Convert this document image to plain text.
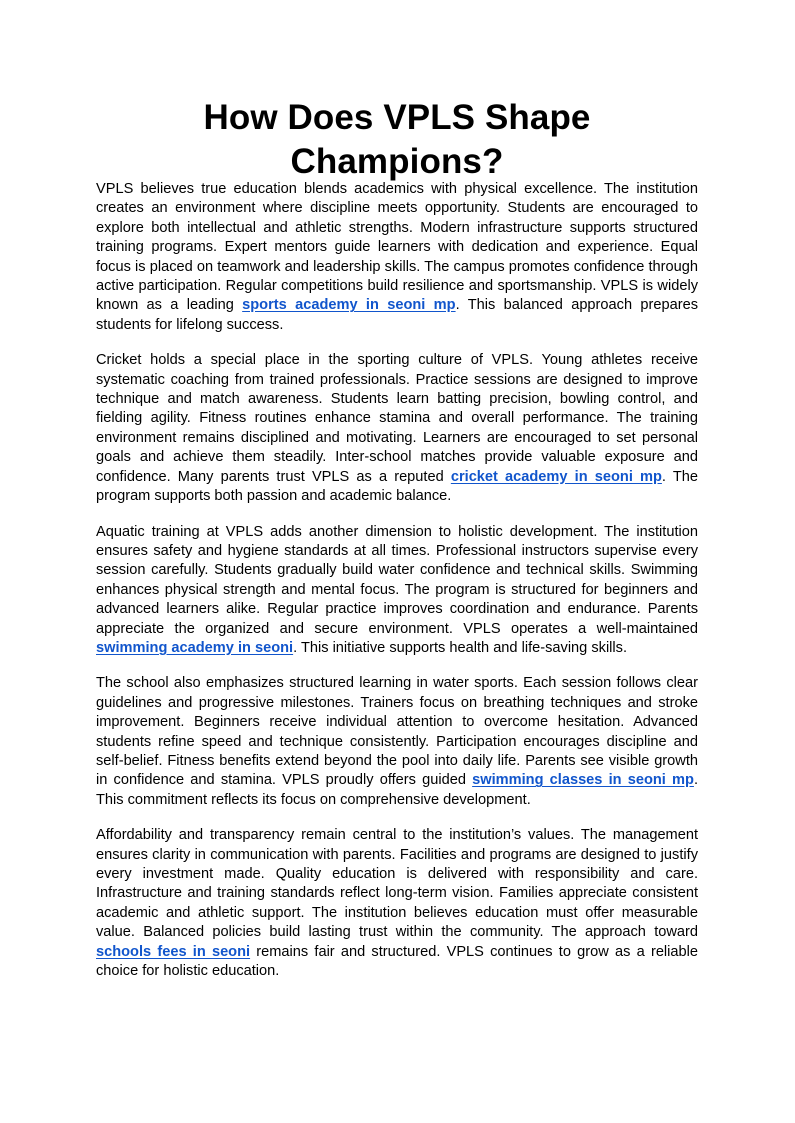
How Does VPLS Shape Champions?

VPLS believes true education blends academics with physical excellence. The institution creates an environment where discipline meets opportunity. Students are encouraged to explore both intellectual and athletic strengths. Modern infrastructure supports structured training programs. Expert mentors guide learners with dedication and experience. Equal focus is placed on teamwork and leadership skills. The campus promotes confidence through active participation. Regular competitions build resilience and sportsmanship. VPLS is widely known as a leading sports academy in seoni mp. This balanced approach prepares students for lifelong success.

Cricket holds a special place in the sporting culture of VPLS. Young athletes receive systematic coaching from trained professionals. Practice sessions are designed to improve technique and match awareness. Students learn batting precision, bowling control, and fielding agility. Fitness routines enhance stamina and overall performance. The training environment remains disciplined and motivating. Learners are encouraged to set personal goals and achieve them steadily. Inter-school matches provide valuable exposure and confidence. Many parents trust VPLS as a reputed cricket academy in seoni mp. The program supports both passion and academic balance.

Aquatic training at VPLS adds another dimension to holistic development. The institution ensures safety and hygiene standards at all times. Professional instructors supervise every session carefully. Students gradually build water confidence and technical skills. Swimming enhances physical strength and mental focus. The program is structured for beginners and advanced learners alike. Regular practice improves coordination and endurance. Parents appreciate the organized and secure environment. VPLS operates a well-maintained swimming academy in seoni. This initiative supports health and life-saving skills.

The school also emphasizes structured learning in water sports. Each session follows clear guidelines and progressive milestones. Trainers focus on breathing techniques and stroke improvement. Beginners receive individual attention to overcome hesitation. Advanced students refine speed and technique consistently. Participation encourages discipline and self-belief. Fitness benefits extend beyond the pool into daily life. Parents see visible growth in confidence and stamina. VPLS proudly offers guided swimming classes in seoni mp. This commitment reflects its focus on comprehensive development.

Affordability and transparency remain central to the institution’s values. The management ensures clarity in communication with parents. Facilities and programs are designed to justify every investment made. Quality education is delivered with responsibility and care. Infrastructure and training standards reflect long-term vision. Families appreciate consistent academic and athletic support. The institution believes education must offer measurable value. Balanced policies build lasting trust within the community. The approach toward schools fees in seoni remains fair and structured. VPLS continues to grow as a reliable choice for holistic education.
